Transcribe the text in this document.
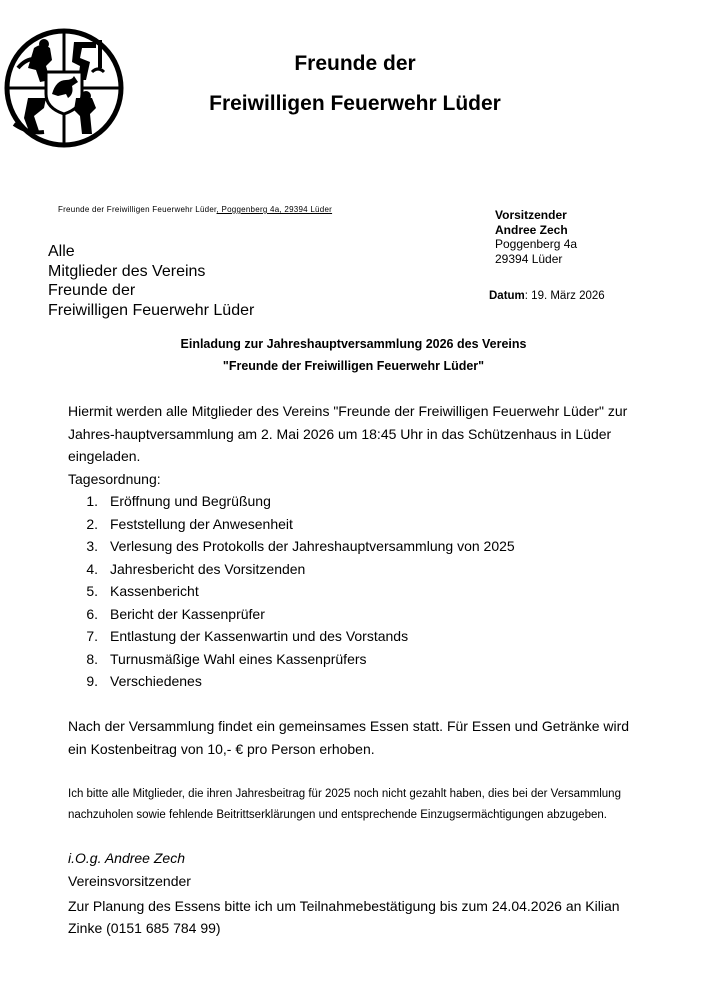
Freunde der
Freiwilligen Feuerwehr Lüder
Freunde der Freiwilligen Feuerwehr Lüder, Poggenberg 4a, 29394 Lüder
Alle
Mitglieder des Vereins
Freunde der
Freiwilligen Feuerwehr Lüder
Vorsitzender
Andree Zech
Poggenberg 4a
29394 Lüder
Datum: 19. März 2026
Einladung zur Jahreshauptversammlung 2026 des Vereins
"Freunde der Freiwilligen Feuerwehr Lüder"
Hiermit werden alle Mitglieder des Vereins "Freunde der Freiwilligen Feuerwehr Lüder" zur Jahres-hauptversammlung am 2. Mai 2026 um 18:45 Uhr in das Schützenhaus in Lüder eingeladen.
Tagesordnung:
1. Eröffnung und Begrüßung
2. Feststellung der Anwesenheit
3. Verlesung des Protokolls der Jahreshauptversammlung von 2025
4. Jahresbericht des Vorsitzenden
5. Kassenbericht
6. Bericht der Kassenprüfer
7. Entlastung der Kassenwartin und des Vorstands
8. Turnusmäßige Wahl eines Kassenprüfers
9. Verschiedenes
Nach der Versammlung findet ein gemeinsames Essen statt. Für Essen und Getränke wird ein Kostenbeitrag von 10,- € pro Person erhoben.
Ich bitte alle Mitglieder, die ihren Jahresbeitrag für 2025 noch nicht gezahlt haben, dies bei der Versammlung nachzuholen sowie fehlende Beitrittserklärungen und entsprechende Einzugsermächtigungen abzugeben.
i.O.g. Andree Zech
Vereinsvorsitzender
Zur Planung des Essens bitte ich um Teilnahmebestätigung bis zum 24.04.2026 an Kilian Zinke (0151 685 784 99)
